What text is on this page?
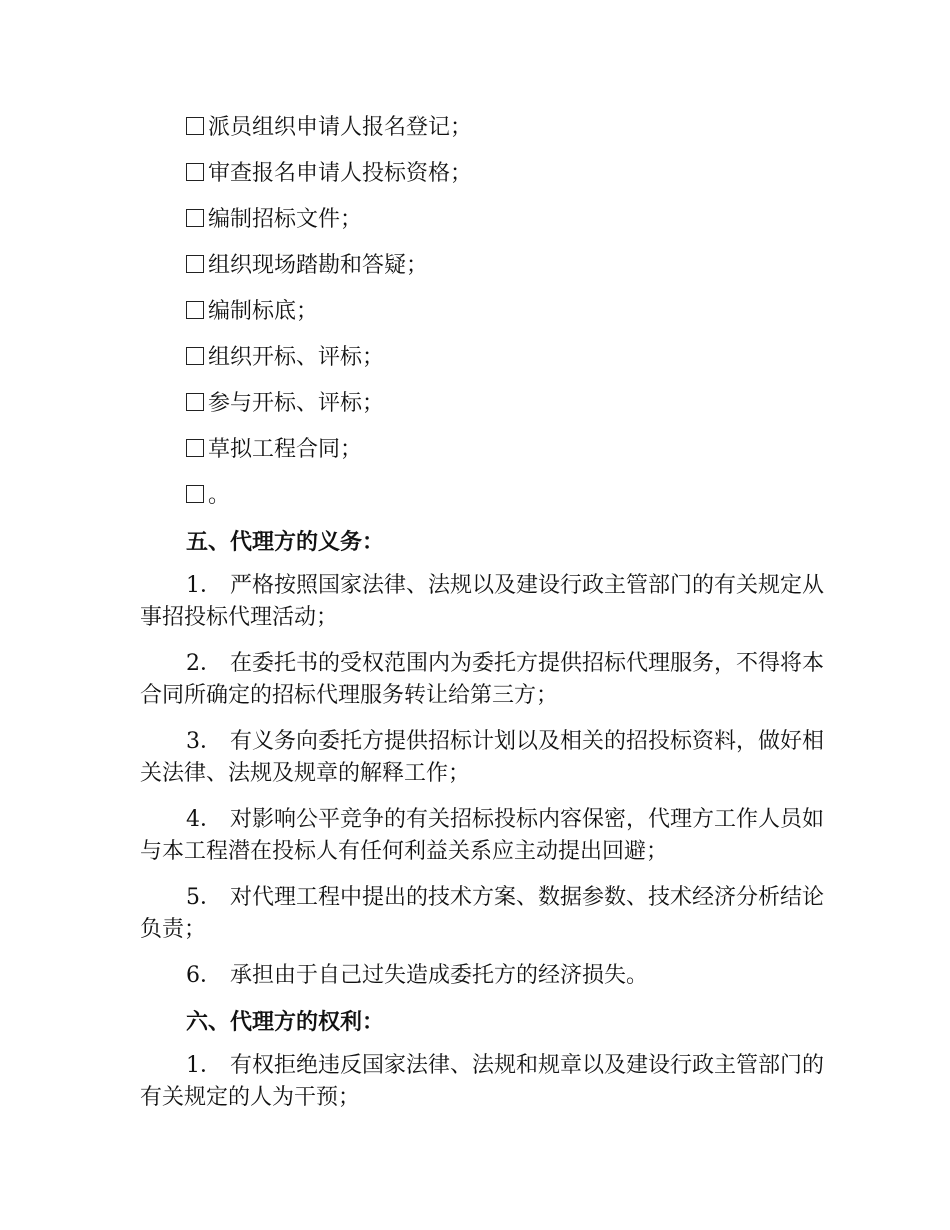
派员组织申请人报名登记；
审查报名申请人投标资格；
编制招标文件；
组织现场踏勘和答疑；
编制标底；
组织开标、评标；
参与开标、评标；
草拟工程合同；
。
五、代理方的义务：

1． 严格按照国家法律、法规以及建设行政主管部门的有关规定从事招投标代理活动；

2． 在委托书的受权范围内为委托方提供招标代理服务，不得将本合同所确定的招标代理服务转让给第三方；

3． 有义务向委托方提供招标计划以及相关的招投标资料，做好相关法律、法规及规章的解释工作；

4． 对影响公平竞争的有关招标投标内容保密，代理方工作人员如与本工程潜在投标人有任何利益关系应主动提出回避；

5． 对代理工程中提出的技术方案、数据参数、技术经济分析结论负责；

6． 承担由于自己过失造成委托方的经济损失。

六、代理方的权利：

1． 有权拒绝违反国家法律、法规和规章以及建设行政主管部门的有关规定的人为干预；
